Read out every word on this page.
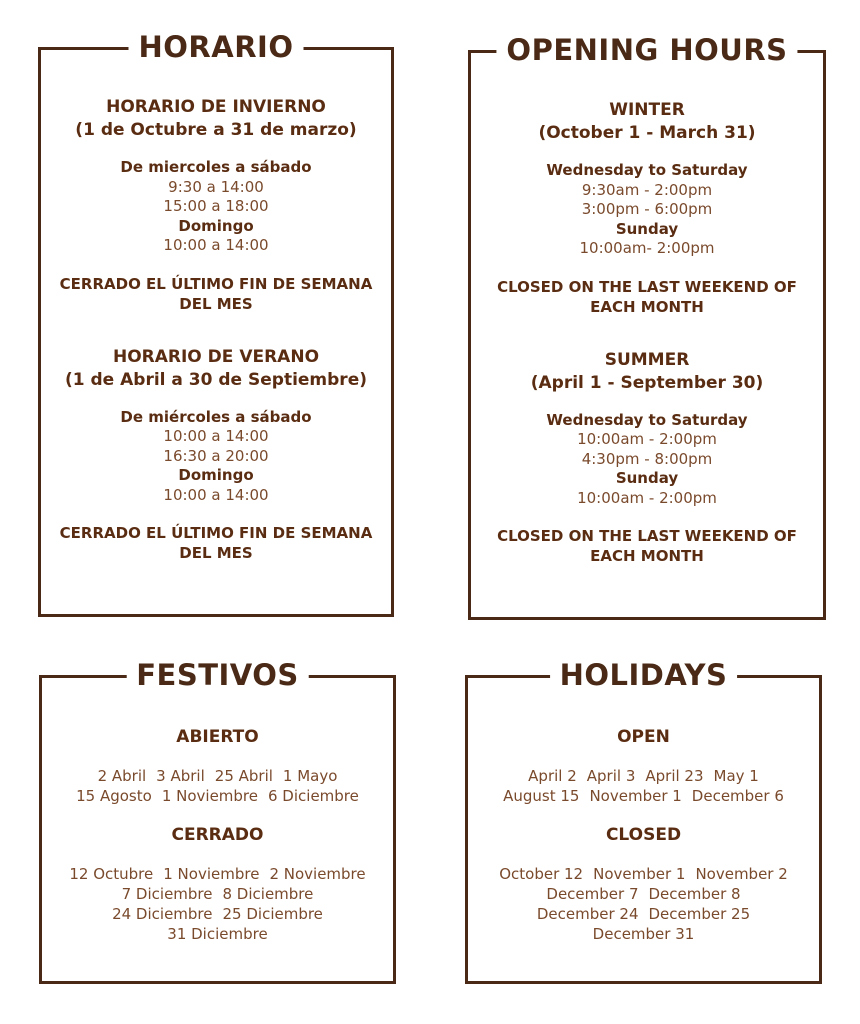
HORARIO
HORARIO DE INVIERNO
(1 de Octubre a 31 de marzo)
De miercoles a sábado
9:30 a 14:00
15:00 a 18:00
Domingo
10:00 a 14:00
CERRADO EL ÚLTIMO FIN DE SEMANA
DEL MES
HORARIO DE VERANO
(1 de Abril a 30 de Septiembre)
De miércoles a sábado
10:00 a 14:00
16:30 a 20:00
Domingo
10:00 a 14:00
CERRADO EL ÚLTIMO FIN DE SEMANA
DEL MES
OPENING HOURS
WINTER
(October 1 - March 31)
Wednesday to Saturday
9:30am - 2:00pm
3:00pm - 6:00pm
Sunday
10:00am- 2:00pm
CLOSED ON THE LAST WEEKEND OF
EACH MONTH
SUMMER
(April 1 - September 30)
Wednesday to Saturday
10:00am - 2:00pm
4:30pm - 8:00pm
Sunday
10:00am - 2:00pm
CLOSED ON THE LAST WEEKEND OF
EACH MONTH
FESTIVOS
ABIERTO
2 Abril 3 Abril 25 Abril 1 Mayo
15 Agosto 1 Noviembre 6 Diciembre
CERRADO
12 Octubre 1 Noviembre 2 Noviembre
7 Diciembre 8 Diciembre
24 Diciembre 25 Diciembre
31 Diciembre
HOLIDAYS
OPEN
April 2 April 3 April 23 May 1
August 15 November 1 December 6
CLOSED
October 12 November 1 November 2
December 7 December 8
December 24 December 25
December 31
